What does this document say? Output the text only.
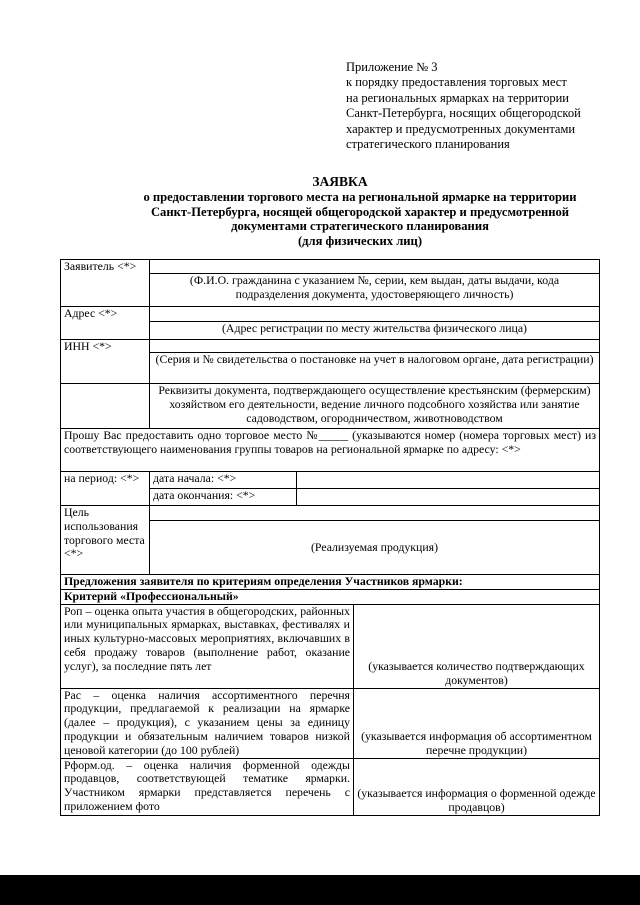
Приложение № 3
к порядку предоставления торговых мест
на региональных ярмарках на территории
Санкт-Петербурга, носящих общегородской
характер и предусмотренных документами
стратегического планирования
ЗАЯВКА
о предоставлении торгового места на региональной ярмарке на территории
Санкт-Петербурга, носящей общегородской характер и предусмотренной
документами стратегического планирования
(для физических лиц)
Заявитель <*>			
	(Ф.И.О. гражданина с указанием №, серии, кем выдан, даты выдачи, кода подразделения документа, удостоверяющего личность)		
Адрес <*>			
	(Адрес регистрации по месту жительства физического лица)		
ИНН <*>			
	(Серия и № свидетельства о постановке на учет в налоговом органе, дата регистрации)		
	Реквизиты документа, подтверждающего осуществление крестьянским (фермерским) хозяйством его деятельности, ведение личного подсобного хозяйства или занятие садоводством, огородничеством, животноводством		
Прошу Вас предоставить одно торговое место №_____ (указываются номер (номера торговых мест) из соответствующего наименования группы товаров на региональной ярмарке по адресу: <*>			
на период: <*>	дата начала: <*>		
	дата окончания: <*>		
Цель использования торгового места <*>			
	(Реализуемая продукция)		
Предложения заявителя по критериям определения Участников ярмарки:			
Критерий «Профессиональный»			
Роп – оценка опыта участия в общегородских, районных или муниципальных ярмарках, выставках, фестивалях и иных культурно-массовых мероприятиях, включавших в себя продажу товаров (выполнение работ, оказание услуг), за последние пять лет			(указывается количество подтверждающих документов)
Рас – оценка наличия ассортиментного перечня продукции, предлагаемой к реализации на ярмарке (далее – продукция), с указанием цены за единицу продукции и обязательным наличием товаров низкой ценовой категории (до 100 рублей)			(указывается информация об ассортиментном перечне продукции)
Рформ.од. – оценка наличия форменной одежды продавцов, соответствующей тематике ярмарки. Участником ярмарки представляется перечень с приложением фото			(указывается информация о форменной одежде продавцов)
